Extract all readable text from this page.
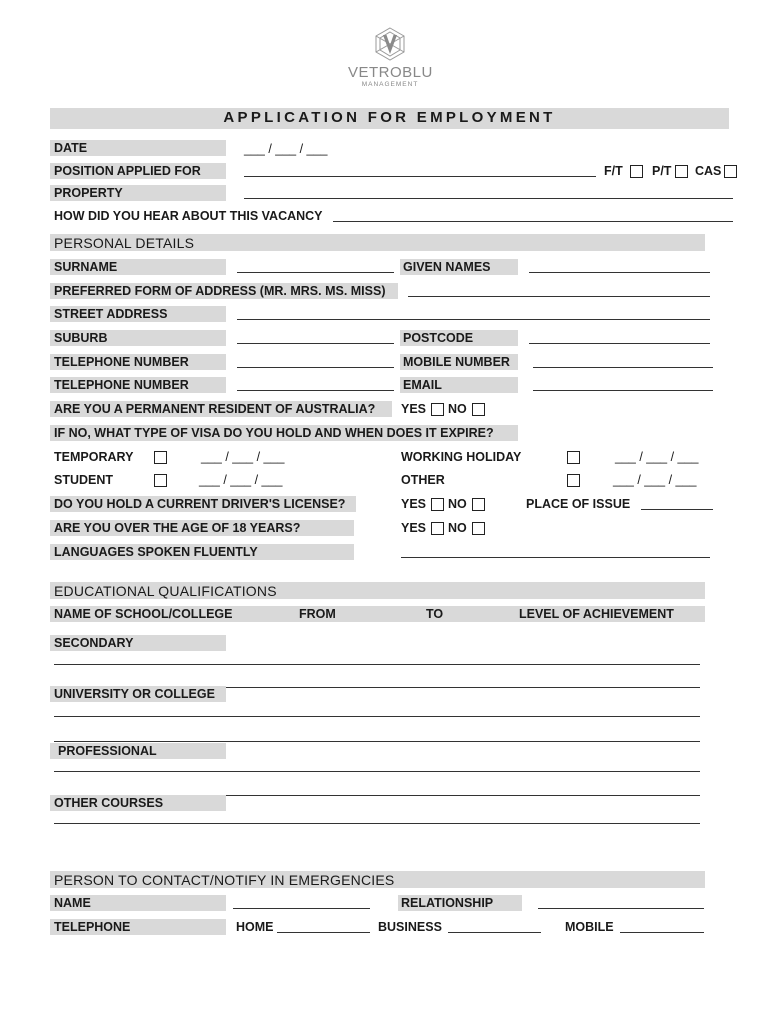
VETROBLU
MANAGEMENT
APPLICATION FOR EMPLOYMENT
DATE	___ / ___ / ___
POSITION APPLIED FOR	F/T P/T CAS
PROPERTY
HOW DID YOU HEAR ABOUT THIS VACANCY
PERSONAL DETAILS
SURNAME	GIVEN NAMES
PREFERRED FORM OF ADDRESS (MR. MRS. MS. MISS)
STREET ADDRESS
SUBURB	POSTCODE
TELEPHONE NUMBER	MOBILE NUMBER
TELEPHONE NUMBER	EMAIL
ARE YOU A PERMANENT RESIDENT OF AUSTRALIA? YES NO
IF NO, WHAT TYPE OF VISA DO YOU HOLD AND WHEN DOES IT EXPIRE?
TEMPORARY	___ / ___ / ___	WORKING HOLIDAY	___ / ___ / ___
STUDENT	___ / ___ / ___	OTHER	___ / ___ / ___
DO YOU HOLD A CURRENT DRIVER'S LICENSE?	YES NO	PLACE OF ISSUE
ARE YOU OVER THE AGE OF 18 YEARS?	YES NO
LANGUAGES SPOKEN FLUENTLY
EDUCATIONAL QUALIFICATIONS
NAME OF SCHOOL/COLLEGE	FROM	TO	LEVEL OF ACHIEVEMENT
SECONDARY
UNIVERSITY OR COLLEGE
PROFESSIONAL
OTHER COURSES
PERSON TO CONTACT/NOTIFY IN EMERGENCIES
NAME	RELATIONSHIP
TELEPHONE	HOME	BUSINESS	MOBILE
